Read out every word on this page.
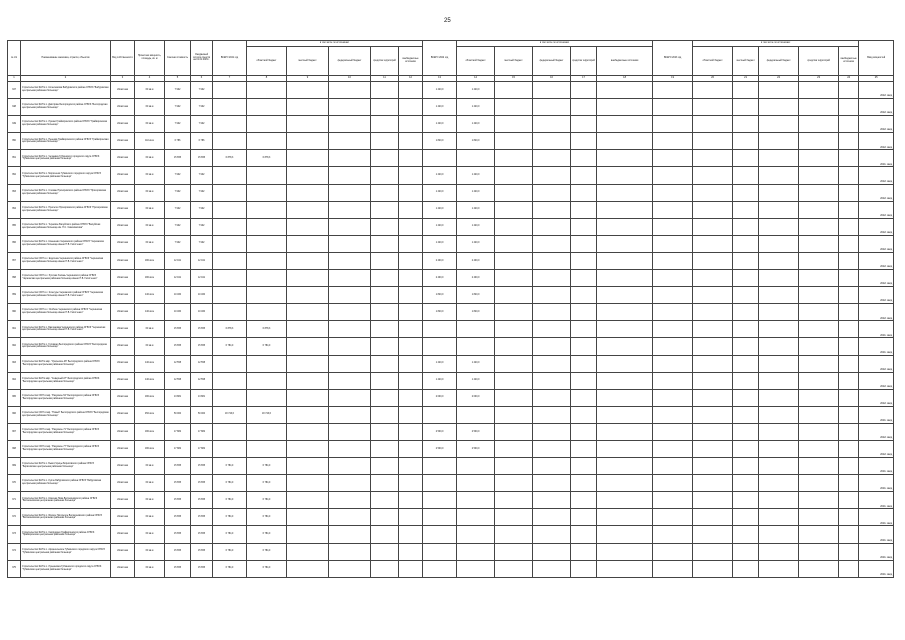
25
№ п/п	Наименование заказчика, отрасли, объектов	Вид собственности	Проектная мощность, площадь, кв. м	Сметная стоимость	Ожидаемый остаток средств на 01.01.2021 г.	ВСЕГО 2021 год	в том числе по источникам:					ВСЕГО 2022 год	в том числе по источникам:					ВСЕГО 2023 год	в том числе по источникам:					Ввод мощностей
							областной бюджет	местный бюджет	федеральный бюджет	средства территорий	внебюджетные источники		областной бюджет	местный бюджет	федеральный бюджет	средства территорий	внебюджетные источники		областной бюджет	местный бюджет	федеральный бюджет	средства территорий	внебюджетные источники	
1	2	3	4	5	6	7	8	9	10	11	12	13	14	15	16	17	18	19	20	21	22	23	24	25
347	Строительство ФАП в с. Колесникова Бабуровского района ОГБУЗ "Бабуровская центральная районная больница"	областная	60 кв.м	7 902	7 902							1 420,0	1 420,0											2022г. ввод
348	Строительство ФАП в с. Дмитрове Белгородского района ОГБУЗ "Белгородская центральная районная больница"	областная	60 кв.м	7 902	7 902							1 420,0	1 420,0											2022г. ввод
349	Строительство ФАП в с. Лукино Грайворонского района ОГБУЗ "Грайворонская центральная районная больница"	областная	60 кв.м	7 902	7 902							1 420,0	1 420,0											2022г. ввод
350	Строительство ФАП в с. Пенеков Грайворонского района ОГБУЗ "Грайворонская центральная районная больница"	областная	110 кв.м	6 786	6 786							1 820,0	1 820,0											2022г. ввод
351	Строительство ФАП в с. Чепаевка Губкинского городского округа ОГБУЗ "Губкинская центральная районная больница"	областная	60 кв.м	15 655	15 655	6 878,3	6 878,3																	2021г. ввод
352	Строительство ФАП в с. Моросенко Губкинского городского округа ОГБУЗ "Губкинская центральная районная больница"	областная	60 кв.м	7 902	7 902							1 420,0	1 420,0											2022г. ввод
353	Строительство ФАП в с. Сломан Прохоровского района ОГБУЗ "Прохоровская центральная районная больница"	областная	60 кв.м	7 902	7 902							1 420,0	1 420,0											2022г. ввод
354	Строительство ФАП в с. Пролетки Прохоровского района ОГБУЗ "Прохоровская центральная районная больница"	областная	60 кв.м	7 902	7 902							1 420,0	1 420,0											2022г. ввод
355	Строительство ФАП в с. Терновое Валуйского района ОГБУЗ "Валуйская центральная районная больница им. П.С. Самохвалова"	областная	60 кв.м	7 902	7 902							1 420,0	1 420,0											2022г. ввод
356	Строительство ФАП в с. Конышево Чернянского района ОГБУЗ "Чернянская центральная районная больница имени П.В. Гапотченко"	областная	60 кв.м	7 902	7 902							1 420,0	1 420,0											2022г. ввод
357	Строительство ООП в с. Ездочное Чернянского района ОГБУЗ "Чернянская центральная районная больница имени П.В. Гапотченко"	областная	180 кв.м	12 041	12 041							2 400,0	2 400,0											2022г. ввод
358	Строительство ООП в с. Русская Халань Чернянского района ОГБУЗ "Чернянская центральная районная больница имени П.В. Гапотченко"	областная	180 кв.м	12 041	12 041							2 400,0	2 400,0											2022г. ввод
359	Строительство ООП в с. Кочегуры Чернянского района ОГБУЗ "Чернянская центральная районная больница имени П.В. Гапотченко"	областная	140 кв.м	10 460	10 460							1 820,0	1 820,0											2022г. ввод
360	Строительство ООП в с. Огибное Чернянского района ОГБУЗ "Чернянская центральная районная больница имени П.В. Гапотченко"	областная	140 кв.м	10 460	10 460							1 820,0	1 820,0											2022г. ввод
361	Строительство ФАП в с. Баклановка Чернянского района ОГБУЗ "Чернянская центральная районная больница имени П.В. Гапотченко"	областная	60 кв.м	15 655	15 655	6 878,3	6 878,3																	2021г. ввод
362	Строительство ФАП в с. Головино Белгородского района ОГБУЗ "Белгородская центральная районная больница"	областная	60 кв.м	15 655	15 655	6 784,0	6 784,0																	2021г. ввод
363	Строительство ФАП в мкр. "Уральские-28" Белгородского района ОГБУЗ "Белгородская центральная районная больница"	областная	140 кв.м	12 558	12 558							1 420,0	1 420,0											2022г. ввод
364	Строительство ФАП в мкр. "Северный-07" Белгородского района ОГБУЗ "Белгородская центральная районная больница"	областная	140 кв.м	12 558	12 558							1 420,0	1 420,0											2022г. ввод
365	Строительство ООП в мкр. "Разумное-54" Белгородского района ОГБУЗ "Белгородская центральная районная больница"	областная	180 кв.м	13 881	13 881							2 000,0	2 000,0											2022г. ввод
366	Строительство ООП в мкр. "Новый" Белгородского района ОГБУЗ "Белгородская центральная районная больница"	областная	450 кв.м	50 000	50 000	18 743,6	18 743,6																	2021г. ввод
367	Строительство ООП в мкр. "Разумное-71" Белгородского района ОГБУЗ "Белгородская центральная районная больница"	областная	180 кв.м	17 882	17 882							2 500,0	2 500,0											2022г. ввод
368	Строительство ООП в мкр. "Разумное-77" Белгородского района ОГБУЗ "Белгородская центральная районная больница"	областная	180 кв.м	17 882	17 882							2 500,0	2 500,0											2022г. ввод
369	Строительство ФАП в с. Быки-Горицы Борисовского района ОГБУЗ "Борисовская центральная районная больница"	областная	60 кв.м	15 655	15 655	6 784,0	6 784,0																	2021г. ввод
370	Строительство ФАП в с. Купле Бабуровского района ОГБУЗ "Бабуровская центральная районная больница"	областная	60 кв.м	15 655	15 655	6 784,0	6 784,0																	2021г. ввод
371	Строительство ФАП в с. Красная Нива Волоконовского района ОГБУЗ "Волоконовская центральная районная больница"	областная	60 кв.м	15 655	15 655	6 784,0	6 784,0																	2021г. ввод
372	Строительство ФАП в с. Ярское Погорелое Волоконовского района ОГБУЗ "Волоконовская центральная районная больница"	областная	60 кв.м	15 655	15 655	6 784,0	6 784,0																	2021г. ввод
373	Строительство ФАП в с. Смородино Грайворонского района ОГБУЗ "Грайворонская центральная районная больница"	областная	60 кв.м	15 655	15 655	6 784,0	6 784,0																	2021г. ввод
374	Строительство ФАП в с. Архангельское Губкинского городского округа ОГБУЗ "Губкинская центральная районная больница"	областная	60 кв.м	15 655	15 655	6 784,0	6 784,0																	2021г. ввод
375	Строительство ФАП в с. Лукьяновка Губкинского городского округа ОГБУЗ "Губкинская центральная районная больница"	областная	60 кв.м	15 655	15 655	6 784,0	6 784,0																	2021г. ввод
